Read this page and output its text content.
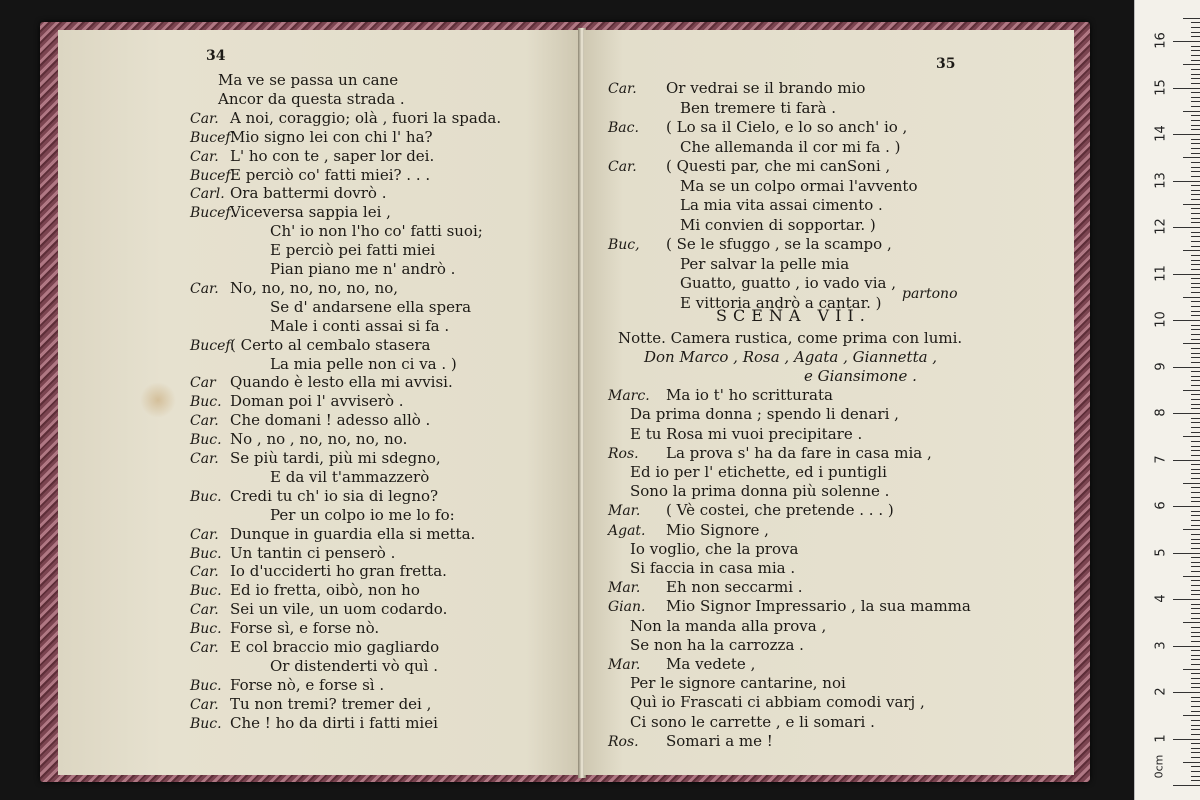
34
Ma ve se passa un cane
Ancor da questa strada .
Car. A noi, coraggio; olà , fuori la spada.
Bucef.Mio signo lei con chi l' ha?
Car. L' ho con te , saper lor dei.
Bucef.E perciò co' fatti miei? . . .
Carl. Ora battermi dovrò .
Bucef.Viceversa sappia lei ,
Ch' io non l'ho co' fatti suoi;
E perciò pei fatti miei
Pian piano me n' andrò .
Car. No, no, no, no, no, no,
Se d' andarsene ella spera
Male i conti assai si fa .
Bucef.( Certo al cembalo stasera
La mia pelle non ci va . )
Car Quando è lesto ella mi avvisi.
Buc. Doman poi l' avviserò .
Car. Che domani ! adesso allò .
Buc. No , no , no, no, no, no.
Car. Se più tardi, più mi sdegno,
E da vil t'ammazzerò
Buc. Credi tu ch' io sia di legno?
Per un colpo io me lo fo:
Car. Dunque in guardia ella si metta.
Buc. Un tantin ci penserò .
Car. Io d'ucciderti ho gran fretta.
Buc. Ed io fretta, oibò, non ho
Car. Sei un vile, un uom codardo.
Buc. Forse sì, e forse nò.
Car. E col braccio mio gagliardo
Or distenderti vò quì .
Buc. Forse nò, e forse sì .
Car. Tu non tremi? tremer dei ,
Buc. Che ! ho da dirti i fatti miei
35
Car. Or vedrai se il brando mio
Ben tremere ti farà .
Bac. ( Lo sa il Cielo, e lo so anch' io ,
Che allemanda il cor mi fa . )
Car. ( Questi par, che mi canSoni ,
Ma se un colpo ormai l'avvento
La mia vita assai cimento .
Mi convien di sopportar. )
Buc, ( Se le sfuggo , se la scampo ,
Per salvar la pelle mia
Guatto, guatto , io vado via ,
E vittoria andrò a cantar. )
Notte. Camera rustica, come prima con lumi.
Don Marco , Rosa , Agata , Giannetta ,
e Giansimone .
Marc. Ma io t' ho scritturata
Da prima donna ; spendo li denari ,
E tu Rosa mi vuoi precipitare .
Ros. La prova s' ha da fare in casa mia ,
Ed io per l' etichette, ed i puntigli
Sono la prima donna più solenne .
Mar. ( Vè costei, che pretende . . . )
Agat. Mio Signore ,
Io voglio, che la prova
Si faccia in casa mia .
Mar. Eh non seccarmi .
Gian. Mio Signor Impressario , la sua mamma
Non la manda alla prova ,
Se non ha la carrozza .
Mar. Ma vedete ,
Per le signore cantarine, noi
Quì io Frascati ci abbiam comodi varj ,
Ci sono le carrette , e li somari .
Ros. Somari a me !
partono
SCENA VII.
0cm
1
2
3
4
5
6
7
8
9
10
11
12
13
14
15
16
